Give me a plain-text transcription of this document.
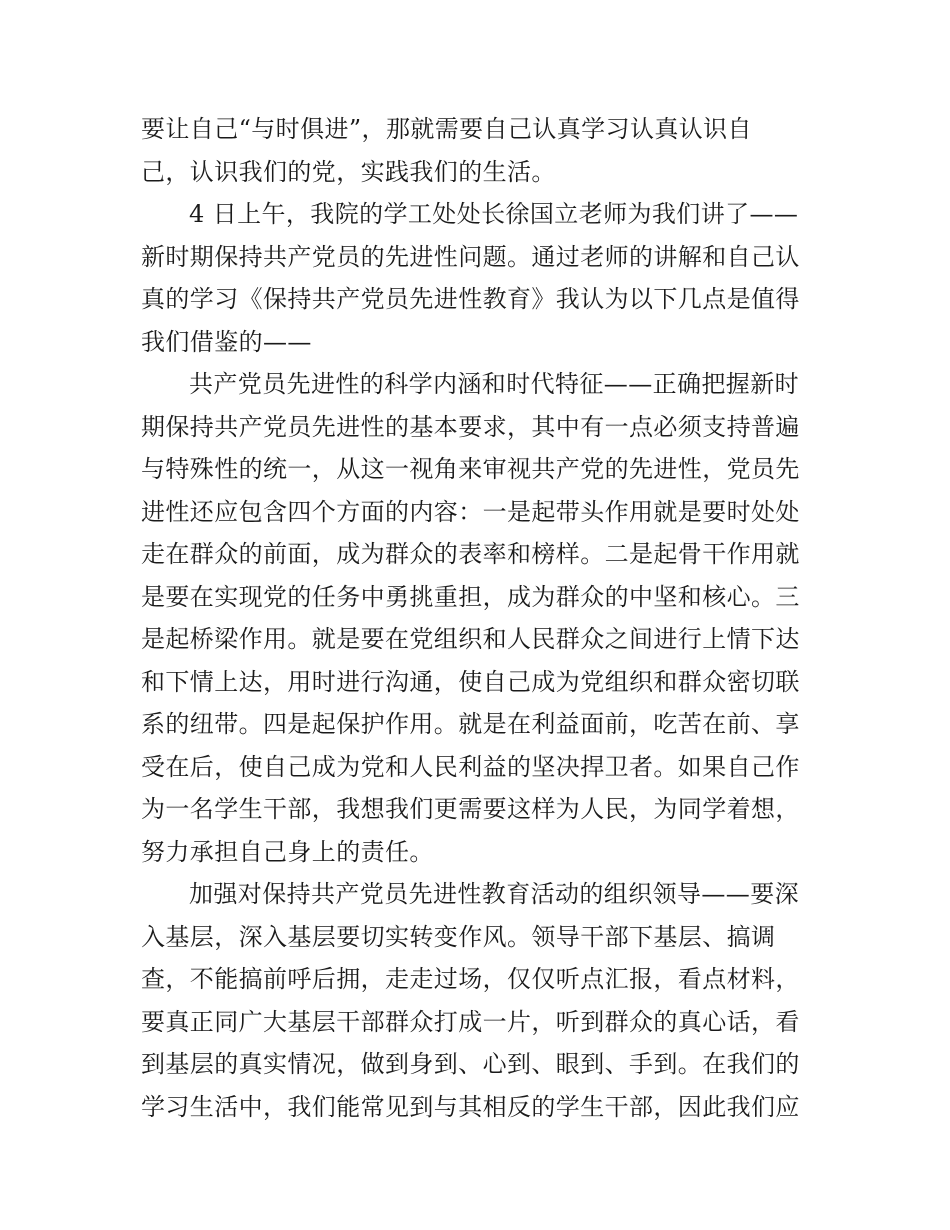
要让自己“与时俱进”，那就需要自己认真学习认真认识自
己，认识我们的党，实践我们的生活。
4 日上午，我院的学工处处长徐国立老师为我们讲了——
新时期保持共产党员的先进性问题。通过老师的讲解和自己认
真的学习《保持共产党员先进性教育》我认为以下几点是值得
我们借鉴的——
共产党员先进性的科学内涵和时代特征——正确把握新时
期保持共产党员先进性的基本要求，其中有一点必须支持普遍
与特殊性的统一，从这一视角来审视共产党的先进性，党员先
进性还应包含四个方面的内容：一是起带头作用就是要时处处
走在群众的前面，成为群众的表率和榜样。二是起骨干作用就
是要在实现党的任务中勇挑重担，成为群众的中坚和核心。三
是起桥梁作用。就是要在党组织和人民群众之间进行上情下达
和下情上达，用时进行沟通，使自己成为党组织和群众密切联
系的纽带。四是起保护作用。就是在利益面前，吃苦在前、享
受在后，使自己成为党和人民利益的坚决捍卫者。如果自己作
为一名学生干部，我想我们更需要这样为人民，为同学着想，
努力承担自己身上的责任。
加强对保持共产党员先进性教育活动的组织领导——要深
入基层，深入基层要切实转变作风。领导干部下基层、搞调
查，不能搞前呼后拥，走走过场，仅仅听点汇报，看点材料，
要真正同广大基层干部群众打成一片，听到群众的真心话，看
到基层的真实情况，做到身到、心到、眼到、手到。在我们的
学习生活中，我们能常见到与其相反的学生干部，因此我们应
